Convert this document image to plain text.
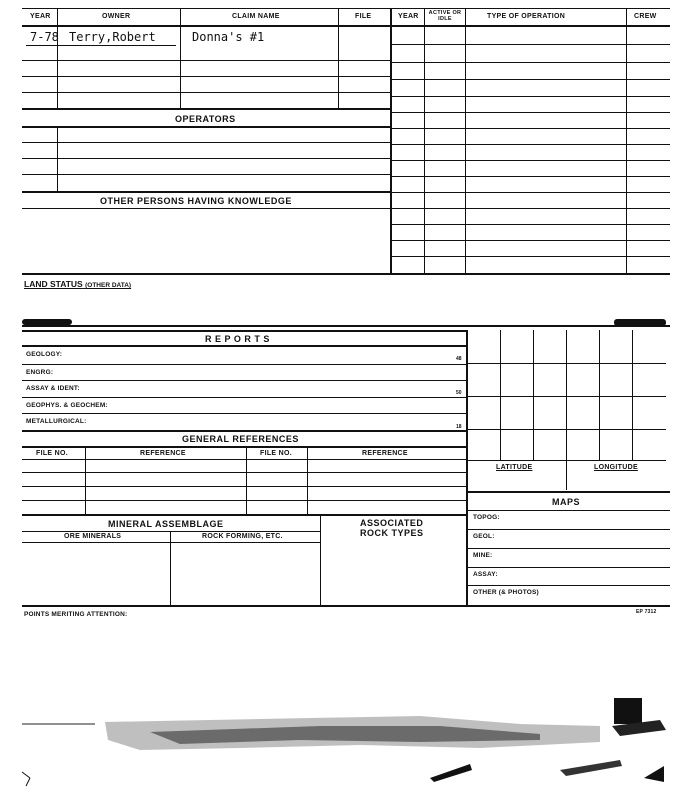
YEAR	OWNER	CLAIM NAME	FILE	YEAR	ACTIVE OR IDLE	TYPE OF OPERATION	CREW
7-78 Terry,Robert	Donna's #1
OPERATORS
OTHER PERSONS HAVING KNOWLEDGE
LAND STATUS (OTHER DATA)
R E P O R T S
GEOLOGY:
48
ENGRG:
ASSAY & IDENT:
50
GEOPHYS. & GEOCHEM:
METALLURGICAL:
18
GENERAL REFERENCES
FILE NO.	REFERENCE	FILE NO.	REFERENCE
MINERAL ASSEMBLAGE
ORE MINERALS	ROCK FORMING, ETC.
ASSOCIATED
ROCK TYPES
LATITUDE	LONGITUDE
MAPS
TOPOG:
GEOL:
MINE:
ASSAY:
OTHER (& PHOTOS)
POINTS MERITING ATTENTION:	EP 7312
